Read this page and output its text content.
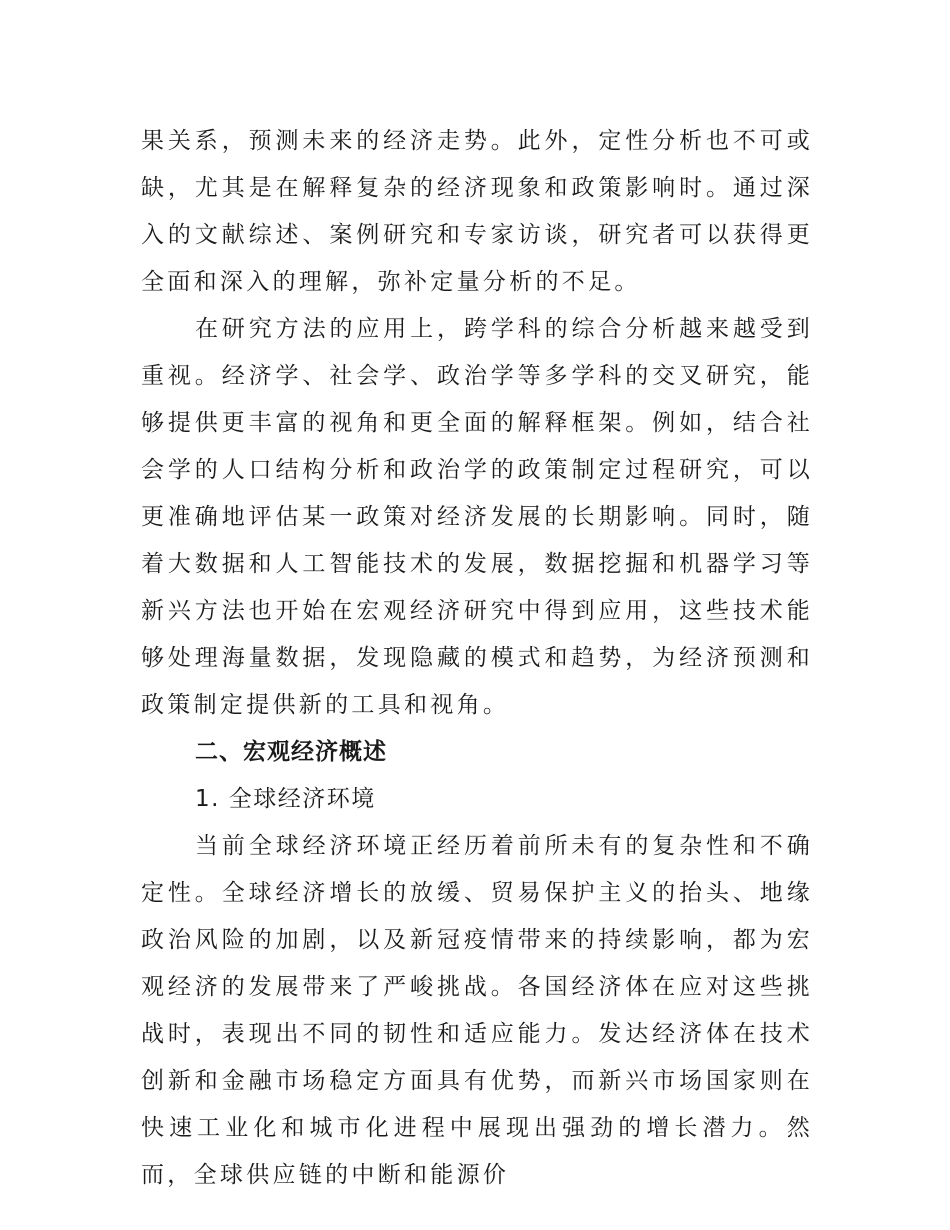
果关系，预测未来的经济走势。此外，定性分析也不可或缺，尤其是在解释复杂的经济现象和政策影响时。通过深入的文献综述、案例研究和专家访谈，研究者可以获得更全面和深入的理解，弥补定量分析的不足。

在研究方法的应用上，跨学科的综合分析越来越受到重视。经济学、社会学、政治学等多学科的交叉研究，能够提供更丰富的视角和更全面的解释框架。例如，结合社会学的人口结构分析和政治学的政策制定过程研究，可以更准确地评估某一政策对经济发展的长期影响。同时，随着大数据和人工智能技术的发展，数据挖掘和机器学习等新兴方法也开始在宏观经济研究中得到应用，这些技术能够处理海量数据，发现隐藏的模式和趋势，为经济预测和政策制定提供新的工具和视角。

二、宏观经济概述

1. 全球经济环境

当前全球经济环境正经历着前所未有的复杂性和不确定性。全球经济增长的放缓、贸易保护主义的抬头、地缘政治风险的加剧，以及新冠疫情带来的持续影响，都为宏观经济的发展带来了严峻挑战。各国经济体在应对这些挑战时，表现出不同的韧性和适应能力。发达经济体在技术创新和金融市场稳定方面具有优势，而新兴市场国家则在快速工业化和城市化进程中展现出强劲的增长潜力。然而，全球供应链的中断和能源价
